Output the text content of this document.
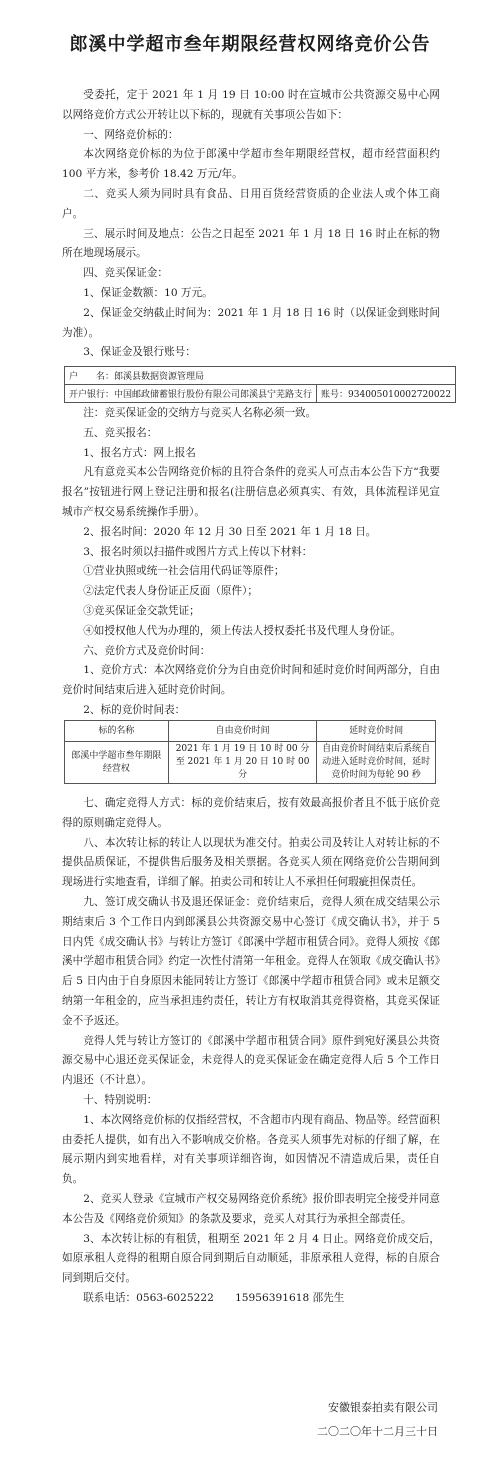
郎溪中学超市叁年期限经营权网络竞价公告

受委托，定于 2021 年 1 月 19 日 10:00 时在宣城市公共资源交易中心网以网络竞价方式公开转让以下标的，现就有关事项公告如下：

一、网络竞价标的：

本次网络竞价标的为位于郎溪中学超市叁年期限经营权，超市经营面积约 100 平方米，参考价 18.42 万元/年。

二、竞买人须为同时具有食品、日用百货经营资质的企业法人或个体工商户。

三、展示时间及地点：公告之日起至 2021 年 1 月 18 日 16 时止在标的物所在地现场展示。

四、竞买保证金：

1、保证金数额：10 万元。

2、保证金交纳截止时间为：2021 年 1 月 18 日 16 时（以保证金到账时间为准）。

3、保证金及银行账号：

户　　名：郎溪县数据资源管理局
开户银行：中国邮政储蓄银行股份有限公司郎溪县宁芜路支行	账号：934005010002720022

注：竞买保证金的交纳方与竞买人名称必须一致。

五、竞买报名：

1、报名方式：网上报名

凡有意竞买本公告网络竞价标的且符合条件的竞买人可点击本公告下方“我要报名”按钮进行网上登记注册和报名(注册信息必须真实、有效，具体流程详见宣城市产权交易系统操作手册）。

2、报名时间：2020 年 12 月 30 日至 2021 年 1 月 18 日。

3、报名时须以扫描件或图片方式上传以下材料：

①营业执照或统一社会信用代码证等原件；

②法定代表人身份证正反面（原件）；

③竞买保证金交款凭证；

④如授权他人代为办理的，须上传法人授权委托书及代理人身份证。

六、竞价方式及竞价时间：

1、竞价方式：本次网络竞价分为自由竞价时间和延时竞价时间两部分，自由竞价时间结束后进入延时竞价时间。

2、标的竞价时间表：

标的名称	自由竞价时间	延时竞价时间
郎溪中学超市叁年期限经营权	2021 年 1 月 19 日 10 时 00 分至 2021 年 1 月 20 日 10 时 00 分	自由竞价时间结束后系统自动进入延时竞价时间，延时竞价时间为每轮 90 秒

七、确定竞得人方式：标的竞价结束后，按有效最高报价者且不低于底价竞得的原则确定竞得人。

八、本次转让标的转让人以现状为准交付。拍卖公司及转让人对转让标的不提供品质保证，不提供售后服务及相关票据。各竞买人须在网络竞价公告期间到现场进行实地查看，详细了解。拍卖公司和转让人不承担任何瑕疵担保责任。

九、签订成交确认书及退还保证金：竞价结束后，竞得人须在成交结果公示期结束后 3 个工作日内到郎溪县公共资源交易中心签订《成交确认书》，并于 5 日内凭《成交确认书》与转让方签订《郎溪中学超市租赁合同》。竞得人须按《郎溪中学超市租赁合同》约定一次性付清第一年租金。竞得人在领取《成交确认书》后 5 日内由于自身原因未能同转让方签订《郎溪中学超市租赁合同》或未足额交纳第一年租金的，应当承担违约责任，转让方有权取消其竞得资格，其竞买保证金不予返还。

竞得人凭与转让方签订的《郎溪中学超市租赁合同》原件到宛好溪县公共资源交易中心退还竞买保证金，未竞得人的竞买保证金在确定竞得人后 5 个工作日内退还（不计息）。

十、特别说明：

1、本次网络竞价标的仅指经营权，不含超市内现有商品、物品等。经营面积由委托人提供，如有出入不影响成交价格。各竞买人须事先对标的仔细了解，在展示期内到实地看样，对有关事项详细咨询，如因情况不清造成后果，责任自负。

2、竞买人登录《宣城市产权交易网络竞价系统》报价即表明完全接受并同意本公告及《网络竞价须知》的条款及要求，竞买人对其行为承担全部责任。

3、本次转让标的有租赁，租期至 2021 年 2 月 4 日止。网络竞价成交后，如原承租人竞得的租期自原合同到期后自动顺延，非原承租人竞得，标的自原合同到期后交付。

联系电话：0563-6025222　　15956391618 邵先生

安徽银泰拍卖有限公司
二〇二〇年十二月三十日
